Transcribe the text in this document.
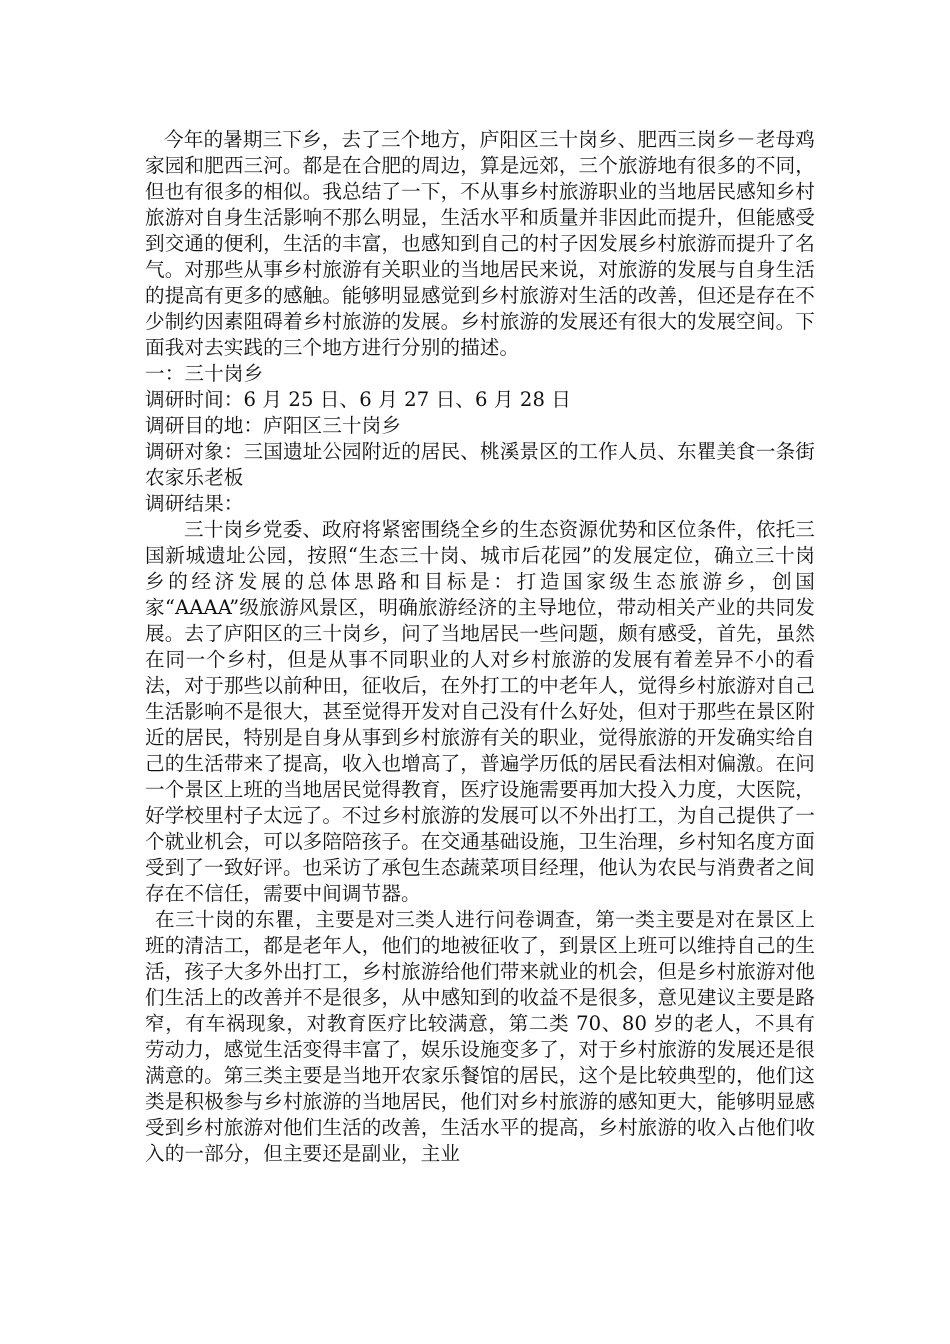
今年的暑期三下乡，去了三个地方，庐阳区三十岗乡、肥西三岗乡－老母鸡家园和肥西三河。都是在合肥的周边，算是远郊，三个旅游地有很多的不同，但也有很多的相似。我总结了一下，不从事乡村旅游职业的当地居民感知乡村旅游对自身生活影响不那么明显，生活水平和质量并非因此而提升，但能感受到交通的便利，生活的丰富，也感知到自己的村子因发展乡村旅游而提升了名气。对那些从事乡村旅游有关职业的当地居民来说，对旅游的发展与自身生活的提高有更多的感触。能够明显感觉到乡村旅游对生活的改善，但还是存在不少制约因素阻碍着乡村旅游的发展。乡村旅游的发展还有很大的发展空间。下面我对去实践的三个地方进行分别的描述。

一：三十岗乡

调研时间：6 月 25 日、6 月 27 日、6 月 28 日

调研目的地：庐阳区三十岗乡

调研对象：三国遗址公园附近的居民、桃溪景区的工作人员、东瞿美食一条街农家乐老板

调研结果：

三十岗乡党委、政府将紧密围绕全乡的生态资源优势和区位条件，依托三国新城遗址公园，按照“生态三十岗、城市后花园”的发展定位，确立三十岗乡的经济发展的总体思路和目标是：打造国家级生态旅游乡，创国家“AAAA”级旅游风景区，明确旅游经济的主导地位，带动相关产业的共同发展。去了庐阳区的三十岗乡，问了当地居民一些问题，颇有感受，首先，虽然在同一个乡村，但是从事不同职业的人对乡村旅游的发展有着差异不小的看法，对于那些以前种田，征收后，在外打工的中老年人，觉得乡村旅游对自己生活影响不是很大，甚至觉得开发对自己没有什么好处，但对于那些在景区附近的居民，特别是自身从事到乡村旅游有关的职业，觉得旅游的开发确实给自己的生活带来了提高，收入也增高了，普遍学历低的居民看法相对偏激。在问一个景区上班的当地居民觉得教育，医疗设施需要再加大投入力度，大医院，好学校里村子太远了。不过乡村旅游的发展可以不外出打工，为自己提供了一个就业机会，可以多陪陪孩子。在交通基础设施，卫生治理，乡村知名度方面受到了一致好评。也采访了承包生态蔬菜项目经理，他认为农民与消费者之间存在不信任，需要中间调节器。

在三十岗的东瞿，主要是对三类人进行问卷调查，第一类主要是对在景区上班的清洁工，都是老年人，他们的地被征收了，到景区上班可以维持自己的生活，孩子大多外出打工，乡村旅游给他们带来就业的机会，但是乡村旅游对他们生活上的改善并不是很多，从中感知到的收益不是很多，意见建议主要是路窄，有车祸现象，对教育医疗比较满意，第二类 70、80 岁的老人，不具有劳动力，感觉生活变得丰富了，娱乐设施变多了，对于乡村旅游的发展还是很满意的。第三类主要是当地开农家乐餐馆的居民，这个是比较典型的，他们这类是积极参与乡村旅游的当地居民，他们对乡村旅游的感知更大，能够明显感受到乡村旅游对他们生活的改善，生活水平的提高，乡村旅游的收入占他们收入的一部分，但主要还是副业，主业
